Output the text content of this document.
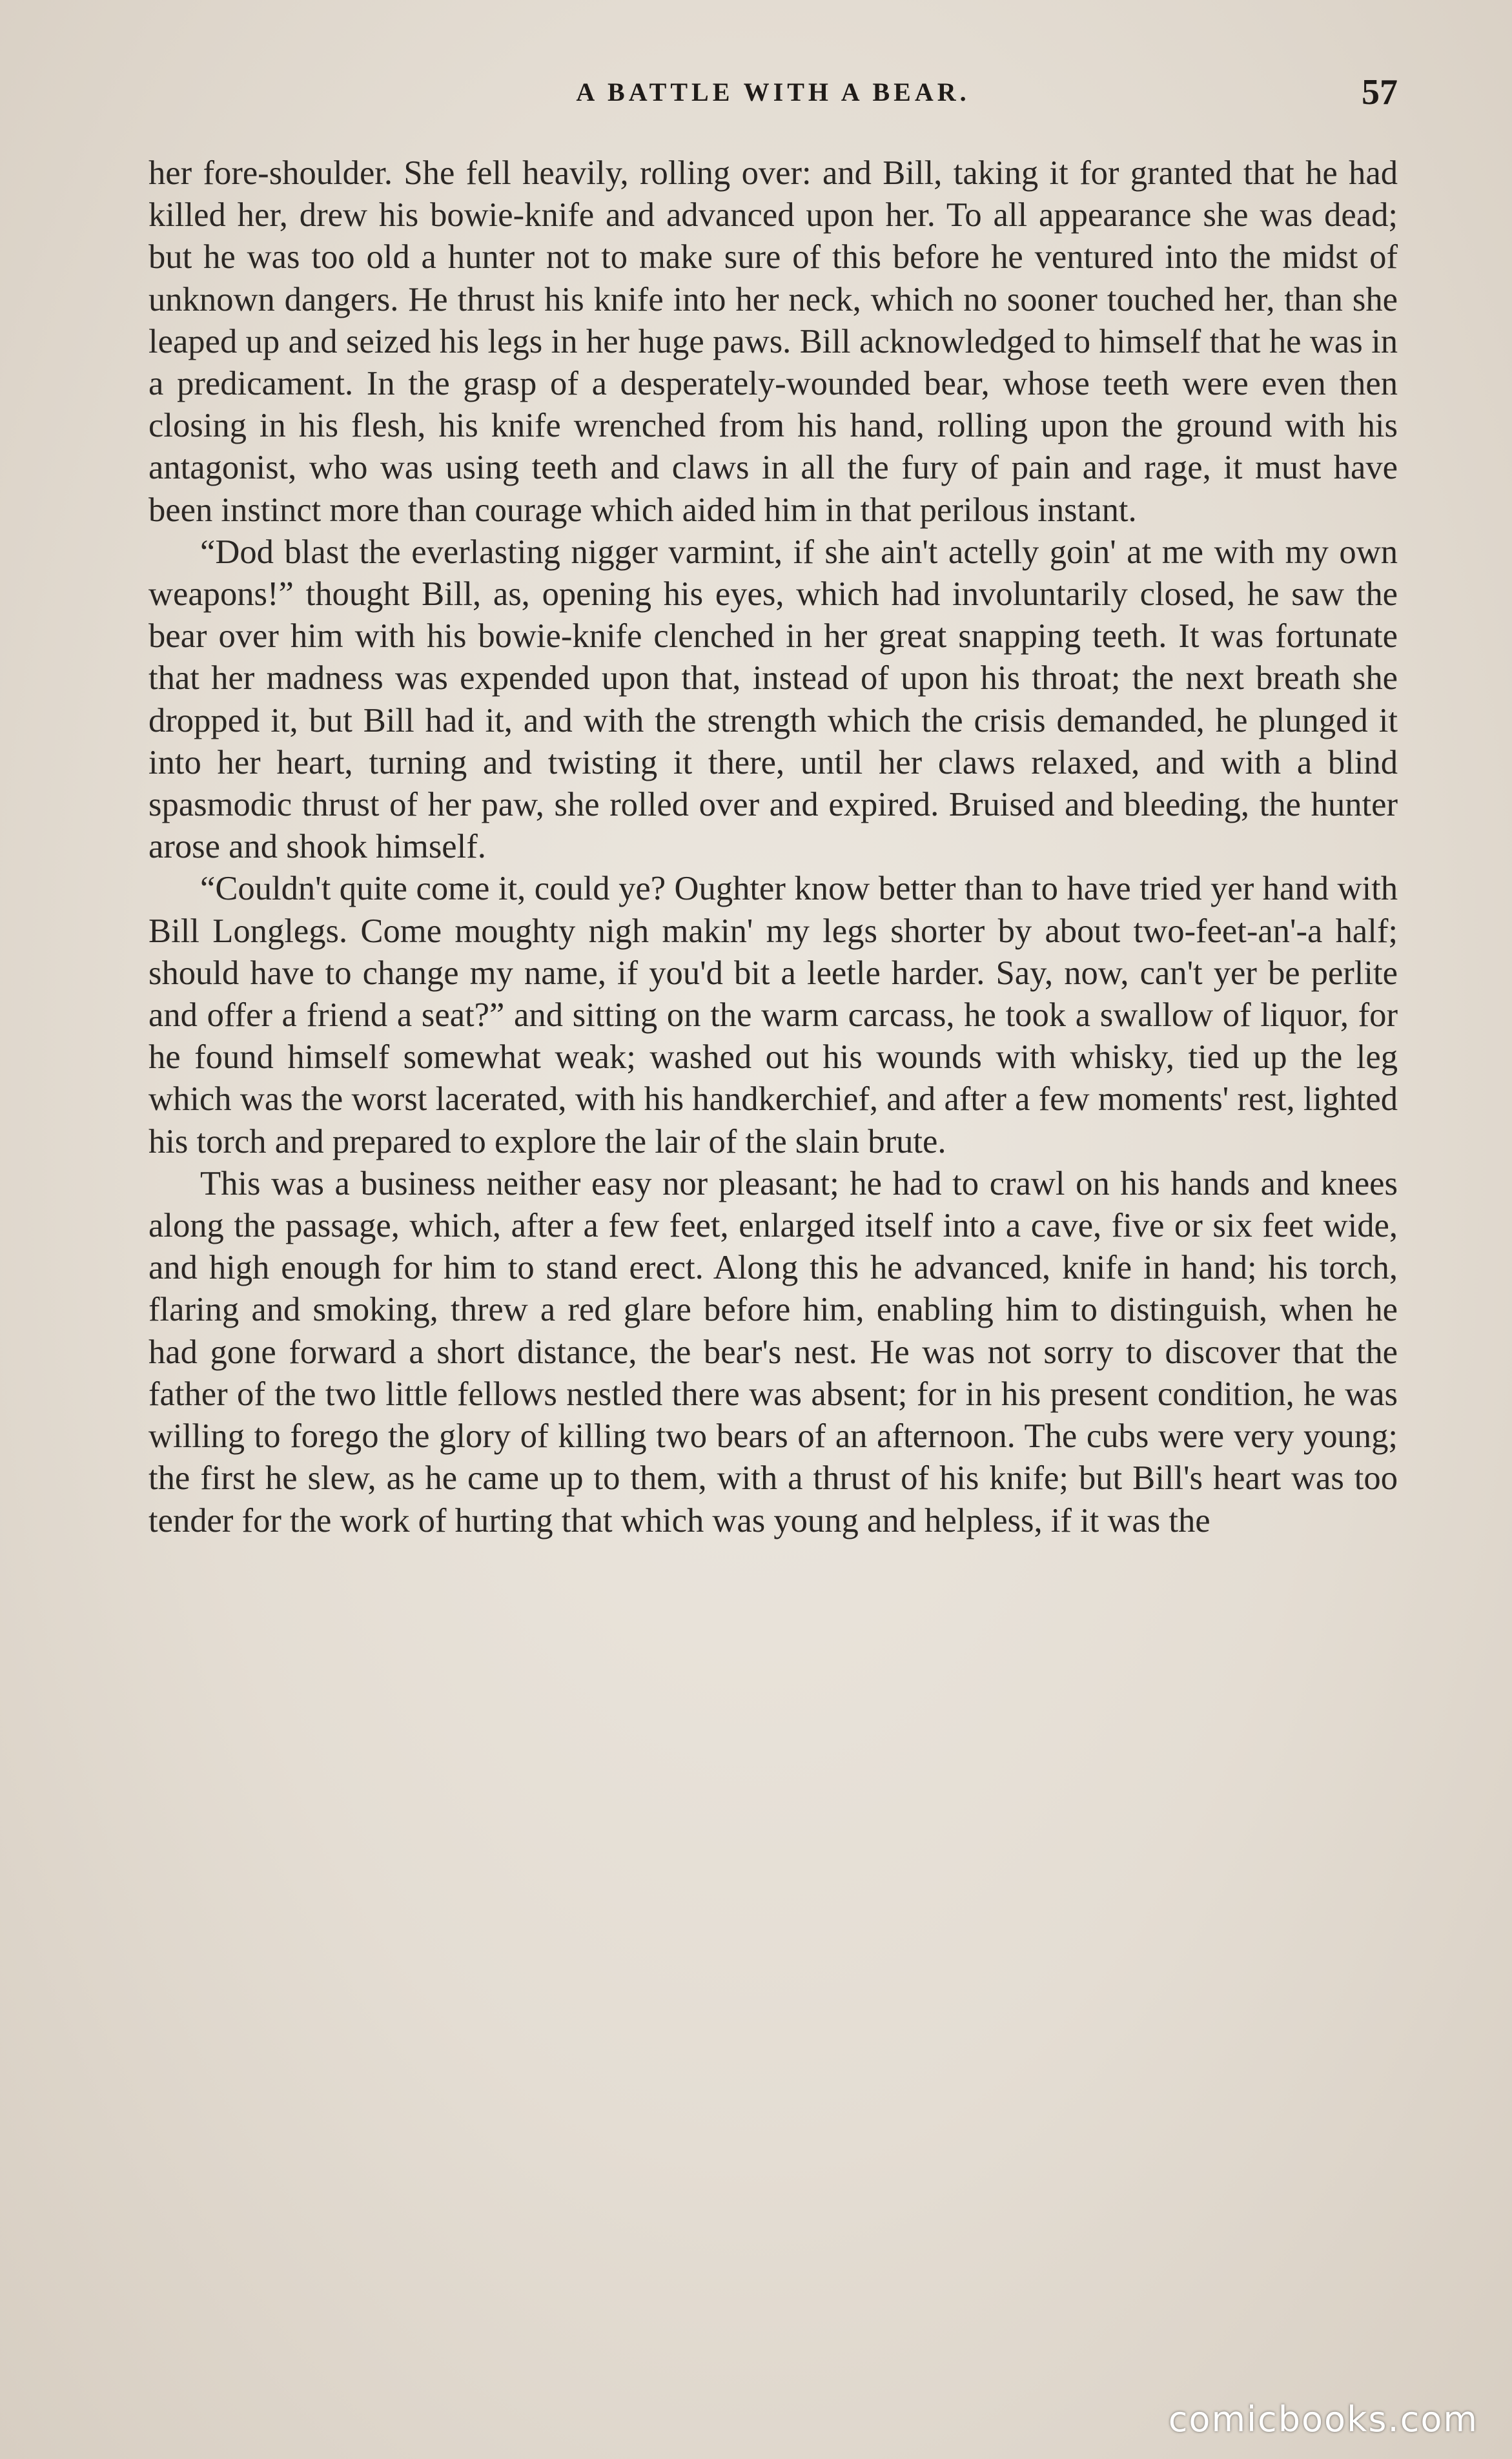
A BATTLE WITH A BEAR.	57

her fore-shoulder. She fell heavily, rolling over: and Bill, taking it for granted that he had killed her, drew his bowie-knife and advanced upon her. To all appearance she was dead; but he was too old a hunter not to make sure of this before he ventured into the midst of unknown dangers. He thrust his knife into her neck, which no sooner touched her, than she leaped up and seized his legs in her huge paws. Bill acknowledged to himself that he was in a predicament. In the grasp of a desperately-wounded bear, whose teeth were even then closing in his flesh, his knife wrenched from his hand, rolling upon the ground with his antagonist, who was using teeth and claws in all the fury of pain and rage, it must have been instinct more than courage which aided him in that perilous instant.

“Dod blast the everlasting nigger varmint, if she ain't actelly goin' at me with my own weapons!” thought Bill, as, opening his eyes, which had involuntarily closed, he saw the bear over him with his bowie-knife clenched in her great snapping teeth. It was fortunate that her madness was expended upon that, instead of upon his throat; the next breath she dropped it, but Bill had it, and with the strength which the crisis demanded, he plunged it into her heart, turning and twisting it there, until her claws relaxed, and with a blind spasmodic thrust of her paw, she rolled over and expired. Bruised and bleeding, the hunter arose and shook himself.

“Couldn't quite come it, could ye? Oughter know better than to have tried yer hand with Bill Longlegs. Come moughty nigh makin' my legs shorter by about two-feet-an'-a half; should have to change my name, if you'd bit a leetle harder. Say, now, can't yer be perlite and offer a friend a seat?” and sitting on the warm carcass, he took a swallow of liquor, for he found himself somewhat weak; washed out his wounds with whisky, tied up the leg which was the worst lacerated, with his handkerchief, and after a few moments' rest, lighted his torch and prepared to explore the lair of the slain brute.

This was a business neither easy nor pleasant; he had to crawl on his hands and knees along the passage, which, after a few feet, enlarged itself into a cave, five or six feet wide, and high enough for him to stand erect. Along this he advanced, knife in hand; his torch, flaring and smoking, threw a red glare before him, enabling him to distinguish, when he had gone forward a short distance, the bear's nest. He was not sorry to discover that the father of the two little fellows nestled there was absent; for in his present condition, he was willing to forego the glory of killing two bears of an afternoon. The cubs were very young; the first he slew, as he came up to them, with a thrust of his knife; but Bill's heart was too tender for the work of hurting that which was young and helpless, if it was the

comicbooks.com
